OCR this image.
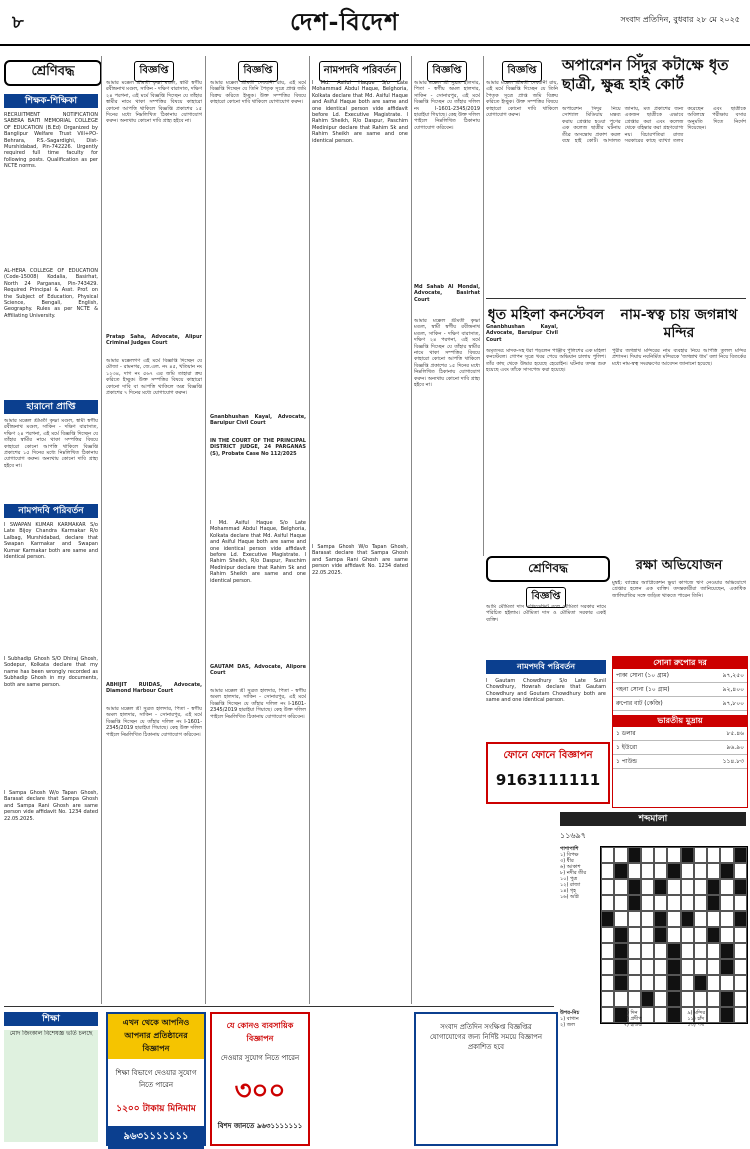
৮	দেশ-বিদেশ	সংবাদ প্রতিদিন, বুধবার ২৮ মে ২০২৫
শ্রেণিবদ্ধ
শিক্ষক-শিক্ষিকা
RECRUITMENT NOTIFICATION SABERA BAITI MEMORIAL COLLEGE OF EDUCATION (B.Ed) Organized by Banglipur Welfare Trust Vill+PO-Behrara, P.S.-Sagardighi, Dist-Murshidabad, Pin-742226. Urgently required full time faculty for following posts. Qualification as per NCTE norms.
AL-HERA COLLEGE OF EDUCATION (Code-15008) Kodalia, Basirhat, North 24 Parganas, Pin-743429. Required Principal & Asst. Prof. on the Subject of Education, Physical Science, Bengali, English, Geography. Rules as per NCTE & Affiliating University.
হারানো প্রাপ্তি
আমার মক্কেল শ্রীমতী কৃষ্ণা মণ্ডল, স্বামী স্বর্গীয় রবীন্দ্রনাথ মণ্ডল, সাকিন - দক্ষিণ বারাসাত, দক্ষিণ ২৪ পরগনা, এই মর্মে বিজ্ঞপ্তি দিচ্ছেন যে তাঁহার স্বামীর নামে থাকা সম্পত্তির বিষয়ে কাহারো কোনো আপত্তি থাকিলে বিজ্ঞপ্তি প্রকাশের ১৫ দিনের মধ্যে নিম্নলিখিত ঠিকানায় যোগাযোগ করুন। অন্যথায় কোনো দাবি গ্রাহ্য হইবে না।
নামপদবি পরিবর্তন
I SWAPAN KUMAR KARMAKAR S/o Late Bijoy Chandra Karmakar R/o Lalbag, Murshidabad, declare that Swapan Karmakar and Swapan Kumar Karmakar both are same and identical person.
I Subhadip Ghosh S/O Dhiraj Ghosh, Sodepur, Kolkata declare that my name has been wrongly recorded as Subhadip Ghosh in my documents, both are same person.
I Sampa Ghosh W/o Tapan Ghosh, Barasat declare that Sampa Ghosh and Sampa Rani Ghosh are same person vide affidavit No. 1234 dated 22.05.2025.
বিজ্ঞপ্তি
আমার মক্কেল শ্রীমতী কৃষ্ণা মণ্ডল, স্বামী স্বর্গীয় রবীন্দ্রনাথ মণ্ডল, সাকিন - দক্ষিণ বারাসাত, দক্ষিণ ২৪ পরগনা, এই মর্মে বিজ্ঞপ্তি দিচ্ছেন যে তাঁহার স্বামীর নামে থাকা সম্পত্তির বিষয়ে কাহারো কোনো আপত্তি থাকিলে বিজ্ঞপ্তি প্রকাশের ১৫ দিনের মধ্যে নিম্নলিখিত ঠিকানায় যোগাযোগ করুন। অন্যথায় কোনো দাবি গ্রাহ্য হইবে না।
Pratap Saha, Advocate, Alipur Criminal Judges Court
আমার মক্কেলগণ এই মর্মে বিজ্ঞপ্তি দিচ্ছেন যে মৌজা - রামনগর, জে.এল. নং ৪৫, খতিয়ান নং ১২৩৪, দাগ নং ৫৬৭ এর জমি তাহারা ক্রয় করিতে ইচ্ছুক। উক্ত সম্পত্তির বিষয়ে কাহারো কোনো দাবি বা আপত্তি থাকিলে অত্র বিজ্ঞপ্তি প্রকাশের ৭ দিনের মধ্যে যোগাযোগ করুন।
ABHIJIT RUIDAS, Advocate, Diamond Harbour Court
আমার মক্কেল শ্রী সুব্রত হালদার, পিতা - স্বর্গীয় অমল হালদার, সাকিন - সোনারপুর, এই মর্মে বিজ্ঞপ্তি দিচ্ছেন যে তাঁহার দলিল নং I-1601-2345/2019 হারাইয়া গিয়াছে। কেহ উক্ত দলিল পাইলে নিম্নলিখিত ঠিকানায় যোগাযোগ করিবেন।
বিজ্ঞপ্তি
আমার মক্কেল শ্রীমতী দেবযানী রায়, এই মর্মে বিজ্ঞপ্তি দিচ্ছেন যে তিনি পৈতৃক সূত্রে প্রাপ্ত জমি বিক্রয় করিতে ইচ্ছুক। উক্ত সম্পত্তির বিষয়ে কাহারো কোনো দাবি থাকিলে যোগাযোগ করুন।
Gnanbhushan Kayal, Advocate, Baruipur Civil Court
IN THE COURT OF THE PRINCIPAL DISTRICT JUDGE, 24 PARGANAS (S), Probate Case No 112/2025
I Md. Asiful Haque S/o Late Mohammad Abdul Haque, Belghoria, Kolkata declare that Md. Asiful Haque and Asiful Haque both are same and one identical person vide affidavit before Ld. Executive Magistrate. I Rahim Sheikh, R/o Daspur, Paschim Medinipur declare that Rahim Sk and Rahim Sheikh are same and one identical person.
GAUTAM DAS, Advocate, Alipore Court
আমার মক্কেল শ্রী সুব্রত হালদার, পিতা - স্বর্গীয় অমল হালদার, সাকিন - সোনারপুর, এই মর্মে বিজ্ঞপ্তি দিচ্ছেন যে তাঁহার দলিল নং I-1601-2345/2019 হারাইয়া গিয়াছে। কেহ উক্ত দলিল পাইলে নিম্নলিখিত ঠিকানায় যোগাযোগ করিবেন।
নামপদবি পরিবর্তন
I Md. Asiful Haque S/o Late Mohammad Abdul Haque, Belghoria, Kolkata declare that Md. Asiful Haque and Asiful Haque both are same and one identical person vide affidavit before Ld. Executive Magistrate. I Rahim Sheikh, R/o Daspur, Paschim Medinipur declare that Rahim Sk and Rahim Sheikh are same and one identical person.
I Sampa Ghosh W/o Tapan Ghosh, Barasat declare that Sampa Ghosh and Sampa Rani Ghosh are same person vide affidavit No. 1234 dated 22.05.2025.
বিজ্ঞপ্তি
আমার মক্কেল শ্রী সুব্রত হালদার, পিতা - স্বর্গীয় অমল হালদার, সাকিন - সোনারপুর, এই মর্মে বিজ্ঞপ্তি দিচ্ছেন যে তাঁহার দলিল নং I-1601-2345/2019 হারাইয়া গিয়াছে। কেহ উক্ত দলিল পাইলে নিম্নলিখিত ঠিকানায় যোগাযোগ করিবেন।
Md Sahab Al Mondal, Advocate, Basirhat Court
আমার মক্কেল শ্রীমতী কৃষ্ণা মণ্ডল, স্বামী স্বর্গীয় রবীন্দ্রনাথ মণ্ডল, সাকিন - দক্ষিণ বারাসাত, দক্ষিণ ২৪ পরগনা, এই মর্মে বিজ্ঞপ্তি দিচ্ছেন যে তাঁহার স্বামীর নামে থাকা সম্পত্তির বিষয়ে কাহারো কোনো আপত্তি থাকিলে বিজ্ঞপ্তি প্রকাশের ১৫ দিনের মধ্যে নিম্নলিখিত ঠিকানায় যোগাযোগ করুন। অন্যথায় কোনো দাবি গ্রাহ্য হইবে না।
বিজ্ঞপ্তি
আমার মক্কেল শ্রীমতী দেবযানী রায়, এই মর্মে বিজ্ঞপ্তি দিচ্ছেন যে তিনি পৈতৃক সূত্রে প্রাপ্ত জমি বিক্রয় করিতে ইচ্ছুক। উক্ত সম্পত্তির বিষয়ে কাহারো কোনো দাবি থাকিলে যোগাযোগ করুন।
Gnanbhushan Kayal, Advocate, Baruipur Civil Court
অপারেশন সিঁদুর কটাক্ষে ধৃত ছাত্রী, ক্ষুব্ধ হাই কোর্ট
অপারেশন সিঁদুর নিয়ে সোশ্যাল মিডিয়ায় মন্তব্য করায় গ্রেপ্তার হওয়া পুণের এক কলেজ ছাত্রীর ঘটনায় তীব্র অসন্তোষ প্রকাশ করল বম্বে হাই কোর্ট। আদালত জানায়, মত প্রকাশের জন্য একজন ছাত্রীকে এভাবে গ্রেপ্তার করা এবং কলেজ থেকে বহিষ্কার করা গ্রহণযোগ্য নয়। বিচারপতিরা রাজ্য সরকারের কাছে ব্যাখ্যা তলব করেছেন এবং ছাত্রীকে অবিলম্বে পরীক্ষায় বসার অনুমতি দিতে নির্দেশ দিয়েছেন।
ধৃত মহিলা কনস্টেবল
অমৃতসর: মাদক-সহ ধরা পড়লেন পাঞ্জাব পুলিশের এক মহিলা কনস্টেবল। গোপন সূত্রে খবর পেয়ে অভিযান চালায় পুলিশ। তাঁর কাছ থেকে উদ্ধার হয়েছে হেরোইন। ঘটনার তদন্ত শুরু হয়েছে এবং তাঁকে সাসপেন্ড করা হয়েছে।
নাম-স্বত্ব চায় জগন্নাথ মন্দির
পুরীর জগন্নাথ মন্দিরের নাম ব্যবহার নিয়ে আপত্তি তুলল মন্দির প্রশাসন। দিঘায় নবনির্মিত মন্দিরকে 'জগন্নাথ ধাম' বলা নিয়ে বিতর্কের মধ্যে নাম-স্বত্ব সংরক্ষণের আবেদন জানানো হয়েছে।
শ্রেণিবদ্ধ
বিজ্ঞপ্তি
আমি মৌমিতা দাস এফিডেভিট বলে মৌমিতা সরকার নামে পরিচিত হইলাম। মৌমিতা দাস ও মৌমিতা সরকার একই ব্যক্তি।
নামপদবি পরিবর্তন
I Gautam Chowdhury S/o Late Sunil Chowdhury, Howrah declare that Gautam Chowdhury and Goutam Chowdhury both are same and one identical person.
ফোনে ফোনে বিজ্ঞাপন
9163111111
রক্ষা অভিযোজন
মুম্বই: ব্যাঙ্কের অ্যাপ্লিকেশন ভুয়া কাগজে ঋণ নেওয়ার অভিযোগে গ্রেপ্তার হলেন এক ব্যক্তি। তদন্তকারীরা জানিয়েছেন, একাধিক জালিয়াতির সঙ্গে জড়িত থাকতে পারেন তিনি।
সোনা রুপোর দর
পাকা সোনা (১০ গ্রাম)	৯৭,২৫০
গহনা সোনা (১০ গ্রাম)	৯২,৪০০
রুপোর বাট (কেজি)	৯৭,৮০০
ভারতীয় মুদ্রায়
১ ডলার	৮৫.৪৬
১ ইউরো	৯৬.৯০
১ পাউন্ড	১১৪.৮৩
শব্দমালা
১১৬৯৭
পাশাপাশি
১) বিপক্ষ
৩) ধীর
৬) আকাশ
৮) নদীর তীর
১০) পুত্র
১২) রাজা
১৪) গৃহ
১৬) অগ্নি
উপর-নিচ
১) বাগান
২) জল
৪) দিন
৫) প্রদীপ
৭) হাওয়া
৯) মন্দির
১১) চাঁদ
১৩) পথ
শিক্ষা
মোদ জিংকাল বিশেষজ্ঞ ভর্তি চলছে
এখন থেকে আপনিও আপনার প্রতিষ্ঠানের বিজ্ঞাপন
শিক্ষা বিভাগে দেওয়ার সুযোগ নিতে পারেন
১২০০ টাকায় মিনিমাম
৯৬৩১১১১১১১
যে কোনও ব্যবসায়িক বিজ্ঞাপন
দেওয়ার সুযোগ নিতে পারেন
৩০০
বিশদ জানতে ৯৬৩১১১১১১১
সংবাদ প্রতিদিন সংক্ষিপ্ত বিজ্ঞপ্তির যোগাযোগের জন্য নির্দিষ্ট সময়ে বিজ্ঞাপন প্রকাশিত হবে
